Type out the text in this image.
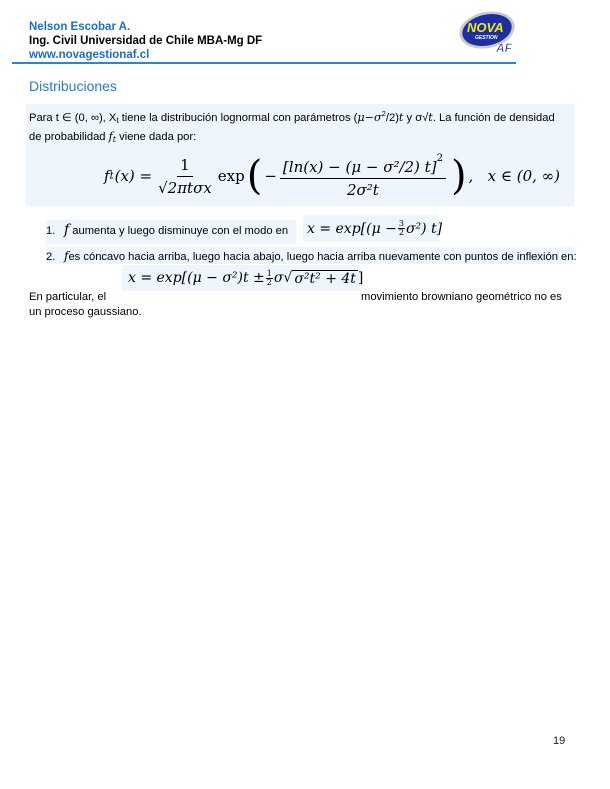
Nelson Escobar A.
Ing. Civil Universidad de Chile MBA-Mg DF
www.novagestionaf.cl
NOVA
GESTION
AF
Distribuciones
Para t ∈ (0, ∞), $X_t$ tiene la distribución lognormal con parámetros $(\mu-\sigma^2/2)t$ y σ√t. La función de densidad de probabilidad $f_t$ viene dada por:
f t $(x) = \frac{1}{\text{√2πtσx}}$ exp ( − $\frac{[\ln(x) - (\mu - \sigma^2/2) t]^2}{\text{2σ²t}}$ ) ,   x ∈ (0, ∞)
1. f aumenta y luego disminuye con el modo en $x = \exp[(\mu - \frac{3}{2} \sigma^2)$ t]
2. fes cóncavo hacia arriba, luego hacia abajo, luego hacia arriba nuevamente con puntos de inflexión en:
$x = \exp[(\mu - \sigma^2)t \pm \frac{1}{2} \sigma√$ σ²t² + 4t ]
En particular, el	movimiento browniano geométrico no es
un proceso gaussiano.
19
